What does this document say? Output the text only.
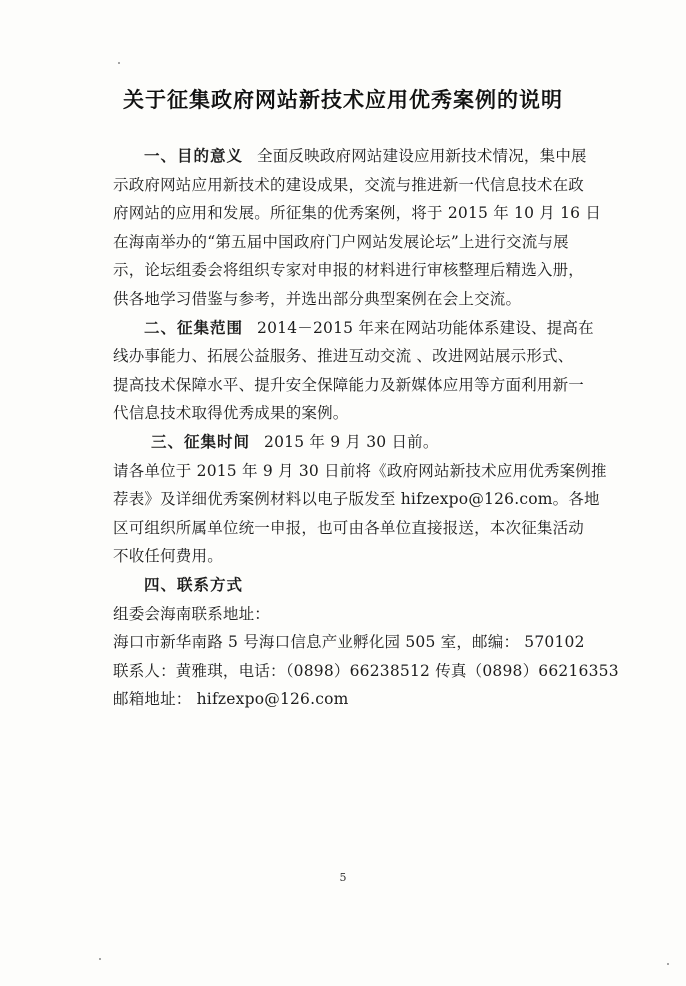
关于征集政府网站新技术应用优秀案例的说明
一、目的意义 全面反映政府网站建设应用新技术情况，集中展
示政府网站应用新技术的建设成果，交流与推进新一代信息技术在政
府网站的应用和发展。所征集的优秀案例，将于 2015 年 10 月 16 日
在海南举办的“第五届中国政府门户网站发展论坛”上进行交流与展
示，论坛组委会将组织专家对申报的材料进行审核整理后精选入册，
供各地学习借鉴与参考，并选出部分典型案例在会上交流。
二、征集范围 2014－2015 年来在网站功能体系建设、提高在
线办事能力、拓展公益服务、推进互动交流 、改进网站展示形式、
提高技术保障水平、提升安全保障能力及新媒体应用等方面利用新一
代信息技术取得优秀成果的案例。
三、征集时间 2015 年 9 月 30 日前。
请各单位于 2015 年 9 月 30 日前将《政府网站新技术应用优秀案例推
荐表》及详细优秀案例材料以电子版发至 hifzexpo@126.com。各地
区可组织所属单位统一申报，也可由各单位直接报送，本次征集活动
不收任何费用。
四、联系方式
组委会海南联系地址：
海口市新华南路 5 号海口信息产业孵化园 505 室，邮编： 570102
联系人：黄雅琪，电话：（0898）66238512 传真（0898）66216353
邮箱地址： hifzexpo@126.com
5
